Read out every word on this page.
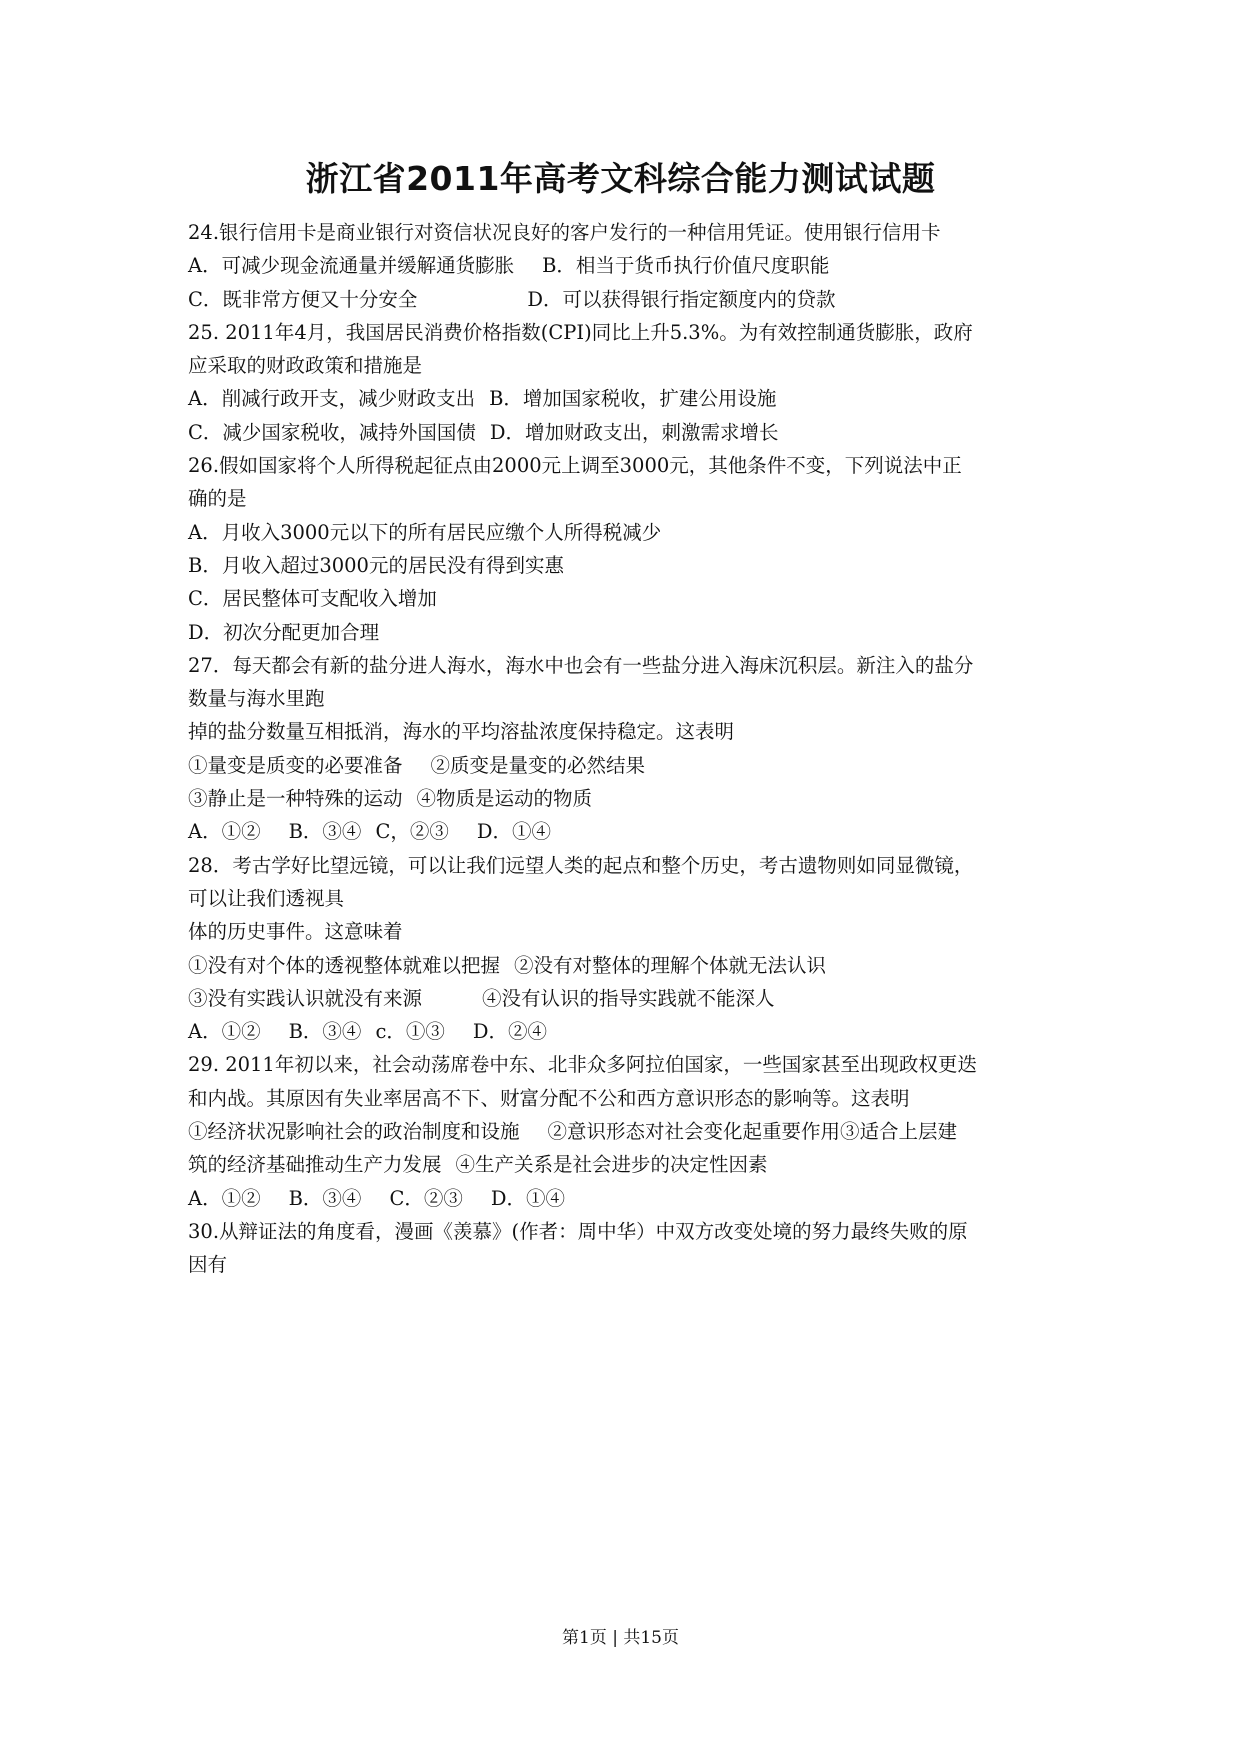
浙江省2011年高考文科综合能力测试试题
24.银行信用卡是商业银行对资信状况良好的客户发行的一种信用凭证。使用银行信用卡
A．可减少现金流通量并缓解通货膨胀 B．相当于货币执行价值尺度职能
C．既非常方便又十分安全	D．可以获得银行指定额度内的贷款
25. 2011年4月，我国居民消费价格指数(CPI)同比上升5.3%。为有效控制通货膨胀，政府
应采取的财政政策和措施是
A．削减行政开支，减少财政支出 B．增加国家税收，扩建公用设施
C．减少国家税收，减持外国国债 D．增加财政支出，刺激需求增长
26.假如国家将个人所得税起征点由2000元上调至3000元，其他条件不变，下列说法中正
确的是
A．月收入3000元以下的所有居民应缴个人所得税减少
B．月收入超过3000元的居民没有得到实惠
C．居民整体可支配收入增加
D．初次分配更加合理
27．每天都会有新的盐分进人海水，海水中也会有一些盐分进入海床沉积层。新注入的盐分
数量与海水里跑
掉的盐分数量互相抵消，海水的平均溶盐浓度保持稳定。这表明
①量变是质变的必要准备 ②质变是量变的必然结果
③静止是一种特殊的运动 ④物质是运动的物质
A．①② B．③④ C，②③ D．①④
28．考古学好比望远镜，可以让我们远望人类的起点和整个历史，考古遗物则如同显微镜，
可以让我们透视具
体的历史事件。这意味着
①没有对个体的透视整体就难以把握 ②没有对整体的理解个体就无法认识
③没有实践认识就没有来源	④没有认识的指导实践就不能深人
A．①② B．③④ c．①③ D．②④
29. 2011年初以来，社会动荡席卷中东、北非众多阿拉伯国家，一些国家甚至出现政权更迭
和内战。其原因有失业率居高不下、财富分配不公和西方意识形态的影响等。这表明
①经济状况影响社会的政治制度和设施 ②意识形态对社会变化起重要作用③适合上层建
筑的经济基础推动生产力发展 ④生产关系是社会进步的决定性因素
A．①② B．③④ C．②③ D．①④
30.从辩证法的角度看，漫画《羡慕》(作者：周中华）中双方改变处境的努力最终失败的原
因有
第1页 | 共15页
